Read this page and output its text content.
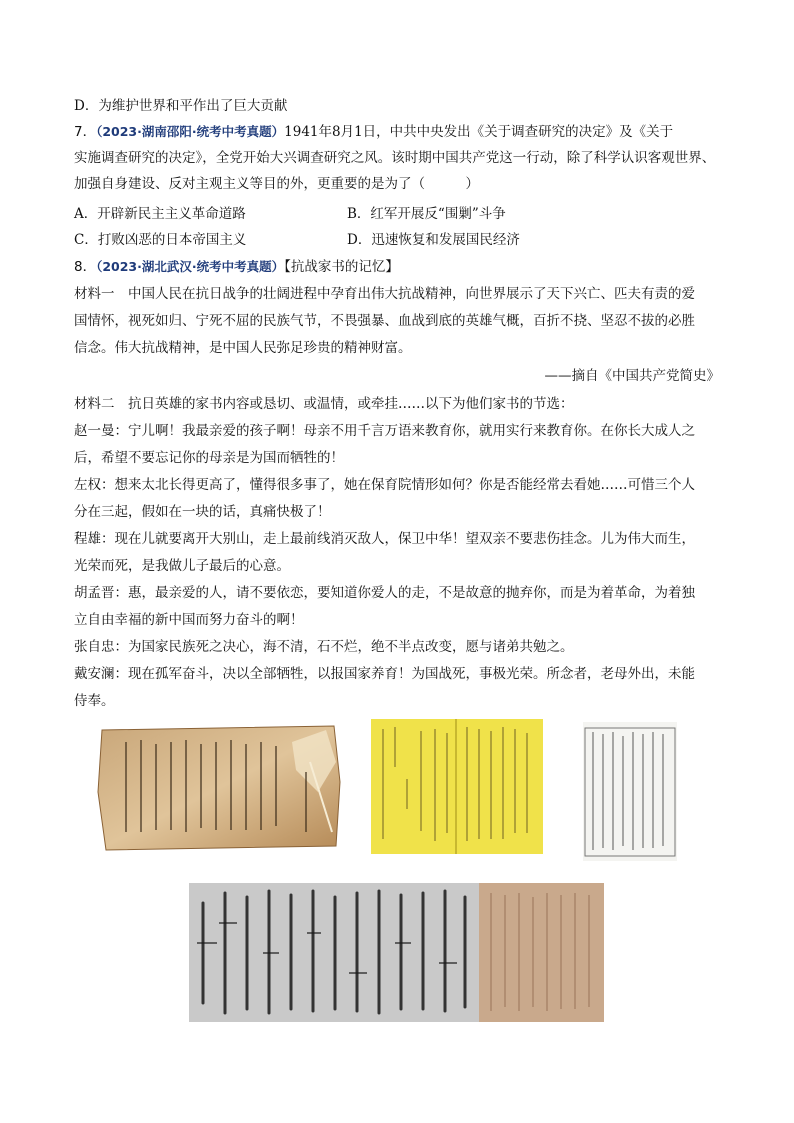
D．为维护世界和平作出了巨大贡献
7．（2023·湖南邵阳·统考中考真题）1941年8月1日，中共中央发出《关于调查研究的决定》及《关于
实施调查研究的决定》，全党开始大兴调查研究之风。该时期中国共产党这一行动，除了科学认识客观世界、
加强自身建设、反对主观主义等目的外，更重要的是为了（　　　）
A．开辟新民主主义革命道路	B．红军开展反“围剿”斗争
C．打败凶恶的日本帝国主义	D．迅速恢复和发展国民经济
8．（2023·湖北武汉·统考中考真题）【抗战家书的记忆】
材料一　中国人民在抗日战争的壮阔进程中孕育出伟大抗战精神，向世界展示了天下兴亡、匹夫有责的爱
国情怀，视死如归、宁死不屈的民族气节，不畏强暴、血战到底的英雄气概，百折不挠、坚忍不拔的必胜
信念。伟大抗战精神，是中国人民弥足珍贵的精神财富。
——摘自《中国共产党简史》
材料二　抗日英雄的家书内容或恳切、或温情，或牵挂……以下为他们家书的节选：
赵一曼：宁儿啊！我最亲爱的孩子啊！母亲不用千言万语来教育你，就用实行来教育你。在你长大成人之
后，希望不要忘记你的母亲是为国而牺牲的！
左权：想来太北长得更高了，懂得很多事了，她在保育院情形如何？你是否能经常去看她……可惜三个人
分在三起，假如在一块的话，真痛快极了！
程雄：现在儿就要离开大别山，走上最前线消灭敌人，保卫中华！望双亲不要悲伤挂念。儿为伟大而生，
光荣而死，是我做儿子最后的心意。
胡孟晋：惠，最亲爱的人，请不要依恋，要知道你爱人的走，不是故意的抛弃你，而是为着革命，为着独
立自由幸福的新中国而努力奋斗的啊！
张自忠：为国家民族死之决心，海不清，石不烂，绝不半点改变，愿与诸弟共勉之。
戴安澜：现在孤军奋斗，决以全部牺牲，以报国家养育！为国战死，事极光荣。所念者，老母外出，未能
侍奉。
